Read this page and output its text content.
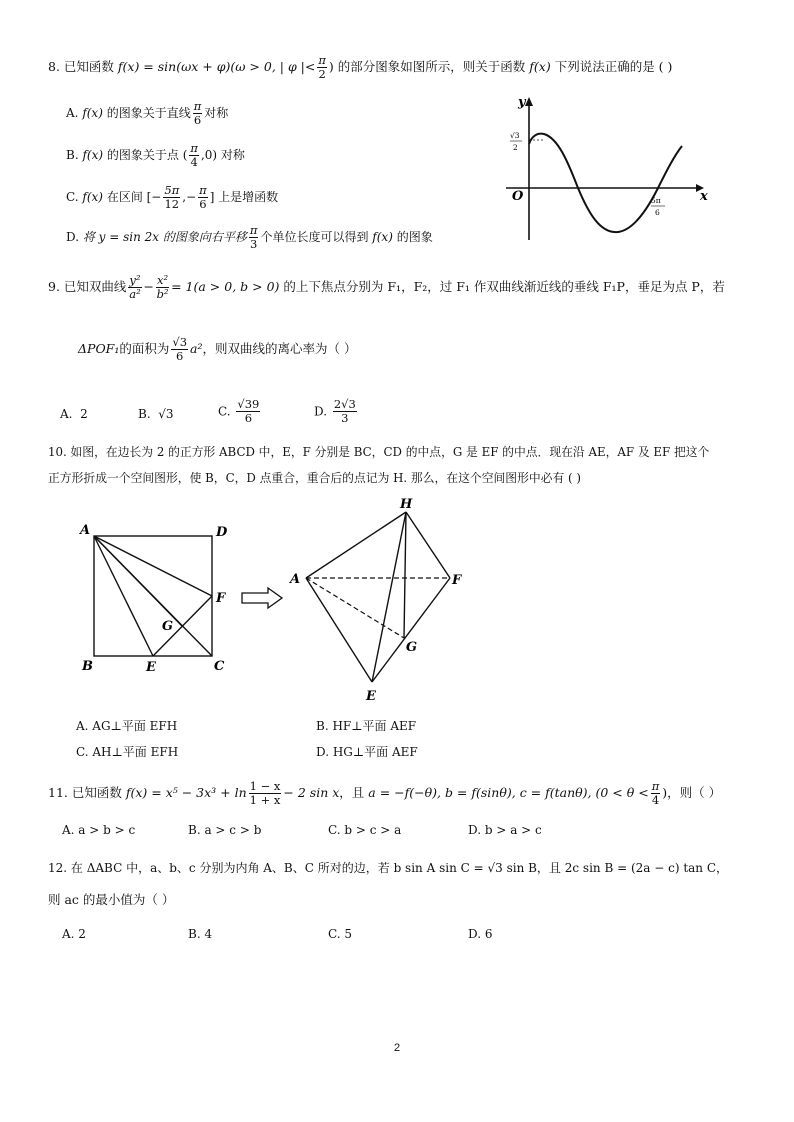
8. 已知函数 f(x) = sin(ωx + φ)(ω > 0, | φ |< $\frac{\pi}{2}$ ) 的部分图象如图所示，则关于函数 f(x) 下列说法正确的是 ( )
A. f(x) 的图象关于直线 $\frac{\pi}{6}$ 对称
B. f(x) 的图象关于点 ( $\frac{\pi}{4} ,0$) 对称
C. f(x) 在区间 [− $\frac{5\pi}{12}$ ,− $\frac{\pi}{6}$ ] 上是增函数
D. 将 y = sin 2x 的图象向右平移 $\frac{\pi}{3}$ 个单位长度可以得到 f(x) 的图象
y
x
O
√3
2
5π
6
9. 已知双曲线 $\frac{\text{y²}}{\text{a²}} - \frac{\text{x²}}{\text{b²}} = 1(a > 0$, b > 0) 的上下焦点分别为 F₁，F₂，过 F₁ 作双曲线渐近线的垂线 F₁P，垂足为点 P，若
ΔPOF₁的面积为 $\frac{√3}{6} a^2$，则双曲线的离心率为（ ）
A. 2	B. √3	C. $\frac{√39}{6}$	D. $\frac{2√3}{3}$
10. 如图，在边长为 2 的正方形 ABCD 中，E，F 分别是 BC，CD 的中点，G 是 EF 的中点．现在沿 AE，AF 及 EF 把这个
正方形折成一个空间图形，使 B，C，D 点重合，重合后的点记为 H. 那么，在这个空间图形中必有 ( )
A	D
F
G
B	E	C
H
A	F
G
E
A. AG⊥平面 EFH	B. HF⊥平面 AEF
C. AH⊥平面 EFH	D. HG⊥平面 AEF
11. 已知函数 $f(x) = x^5 - 3x^3 + \ln \frac{1 - x}{1 + x} - 2$ sin x，且 a = −f(−θ), b = f(sinθ), c = f(tanθ), ($0 < \theta < \frac{\pi}{4}$ )，则（ ）
A. a > b > c	B. a > c > b	C. b > c > a	D. b > a > c
12. 在 ΔABC 中，a、b、c 分别为内角 A、B、C 所对的边，若 b sin A sin C = √3 sin B，且 2c sin B = (2a − c) tan C，
则 ac 的最小值为（ ）
A. 2	B. 4	C. 5	D. 6
2
